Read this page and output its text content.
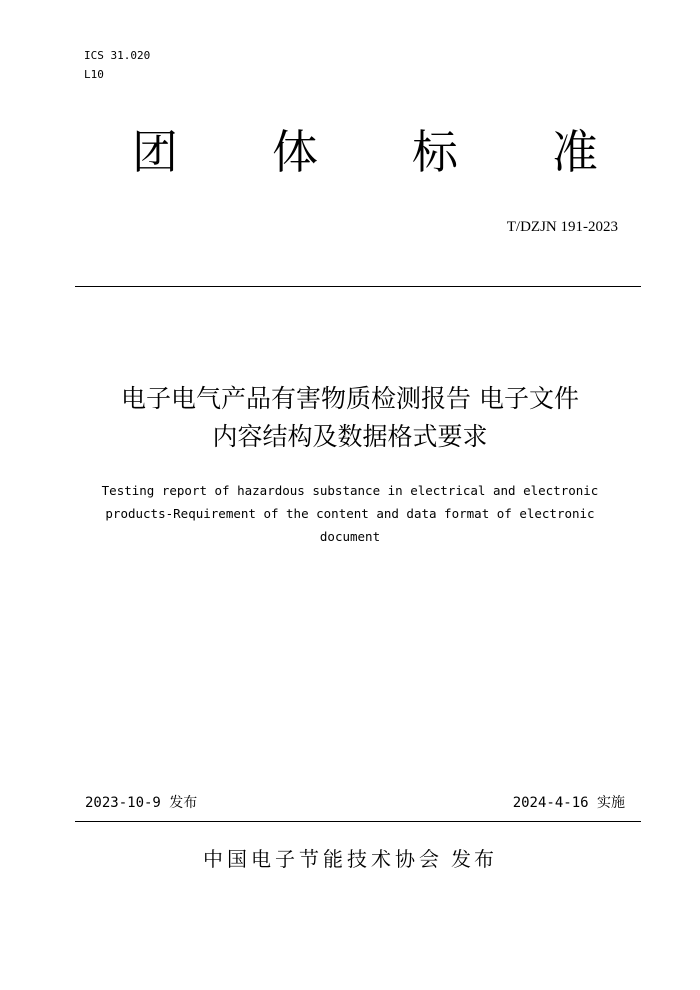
ICS 31.020
L10
团 体 标 准
T/DZJN 191-2023
电子电气产品有害物质检测报告 电子文件
内容结构及数据格式要求
Testing report of hazardous substance in electrical and electronic
products-Requirement of the content and data format of electronic
document
2023-10-9 发布	2024-4-16 实施
中国电子节能技术协会 发布
